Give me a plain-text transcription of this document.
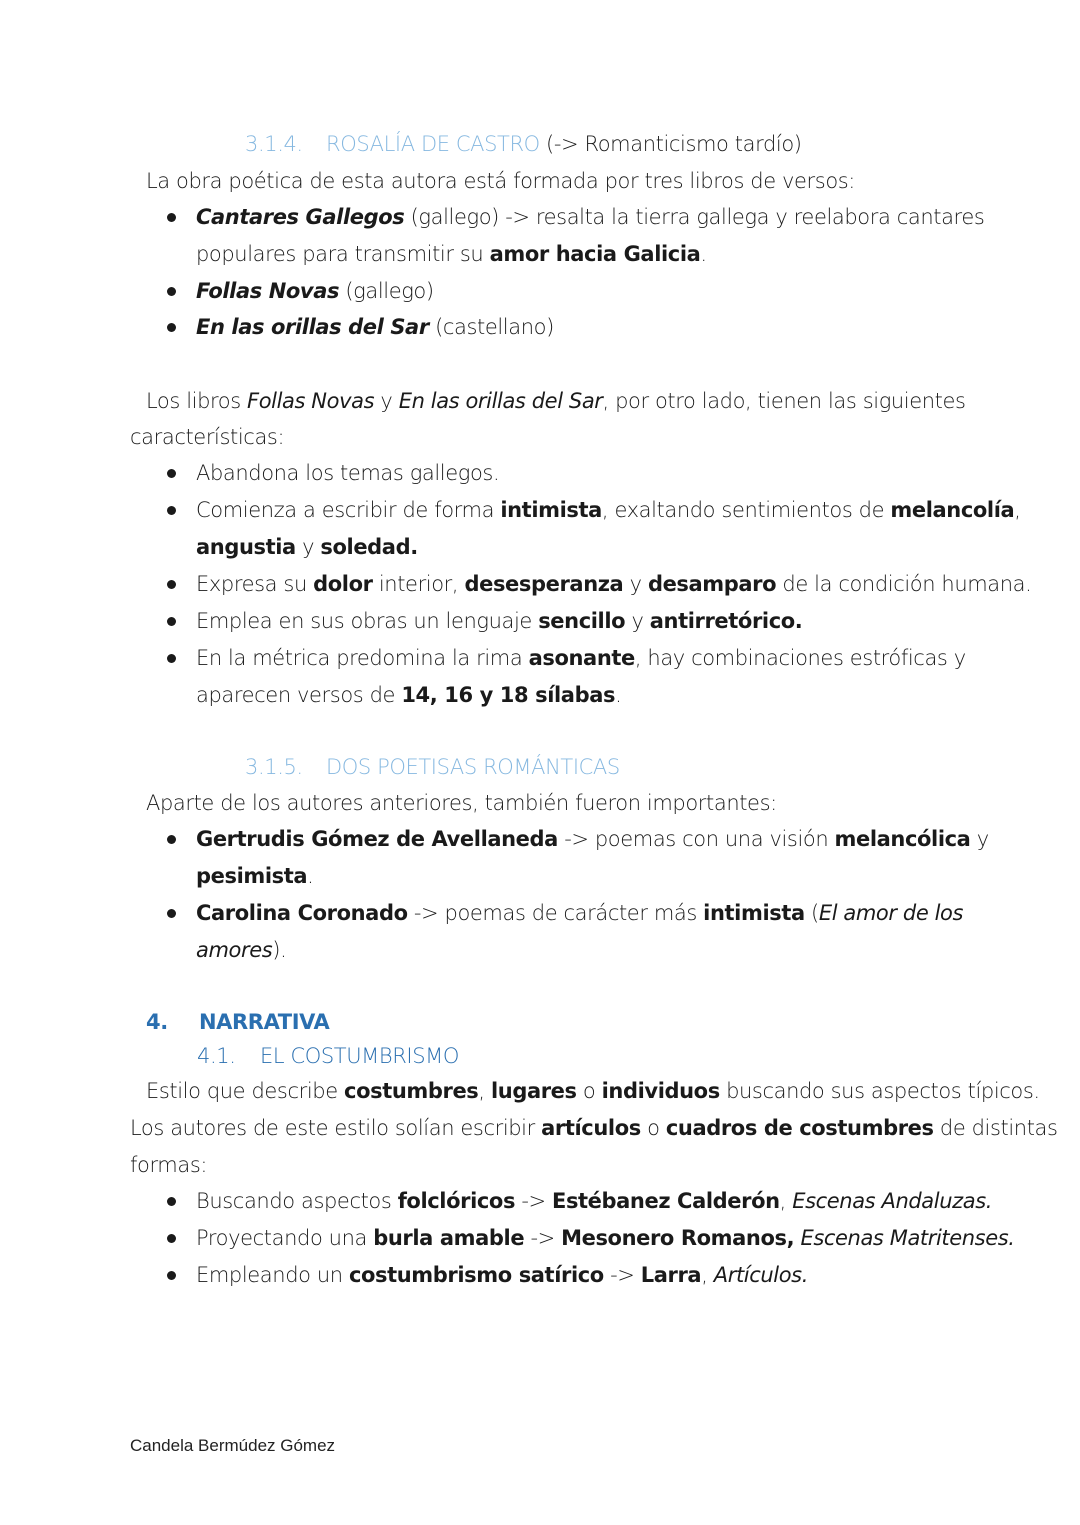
3.1.4. ROSALÍA DE CASTRO (-> Romanticismo tardío)
La obra poética de esta autora está formada por tres libros de versos:
Cantares Gallegos (gallego) -> resalta la tierra gallega y reelabora cantares
populares para transmitir su amor hacia Galicia.
Follas Novas (gallego)
En las orillas del Sar (castellano)
Los libros Follas Novas y En las orillas del Sar, por otro lado, tienen las siguientes
características:
Abandona los temas gallegos.
Comienza a escribir de forma intimista, exaltando sentimientos de melancolía,
angustia y soledad.
Expresa su dolor interior, desesperanza y desamparo de la condición humana.
Emplea en sus obras un lenguaje sencillo y antirretórico.
En la métrica predomina la rima asonante, hay combinaciones estróficas y
aparecen versos de 14, 16 y 18 sílabas.
3.1.5. DOS POETISAS ROMÁNTICAS
Aparte de los autores anteriores, también fueron importantes:
Gertrudis Gómez de Avellaneda -> poemas con una visión melancólica y
pesimista.
Carolina Coronado -> poemas de carácter más intimista (El amor de los
amores).
4. NARRATIVA
4.1. EL COSTUMBRISMO
Estilo que describe costumbres, lugares o individuos buscando sus aspectos típicos.
Los autores de este estilo solían escribir artículos o cuadros de costumbres de distintas
formas:
Buscando aspectos folclóricos -> Estébanez Calderón, Escenas Andaluzas.
Proyectando una burla amable -> Mesonero Romanos, Escenas Matritenses.
Empleando un costumbrismo satírico -> Larra, Artículos.
Candela Bermúdez Gómez
